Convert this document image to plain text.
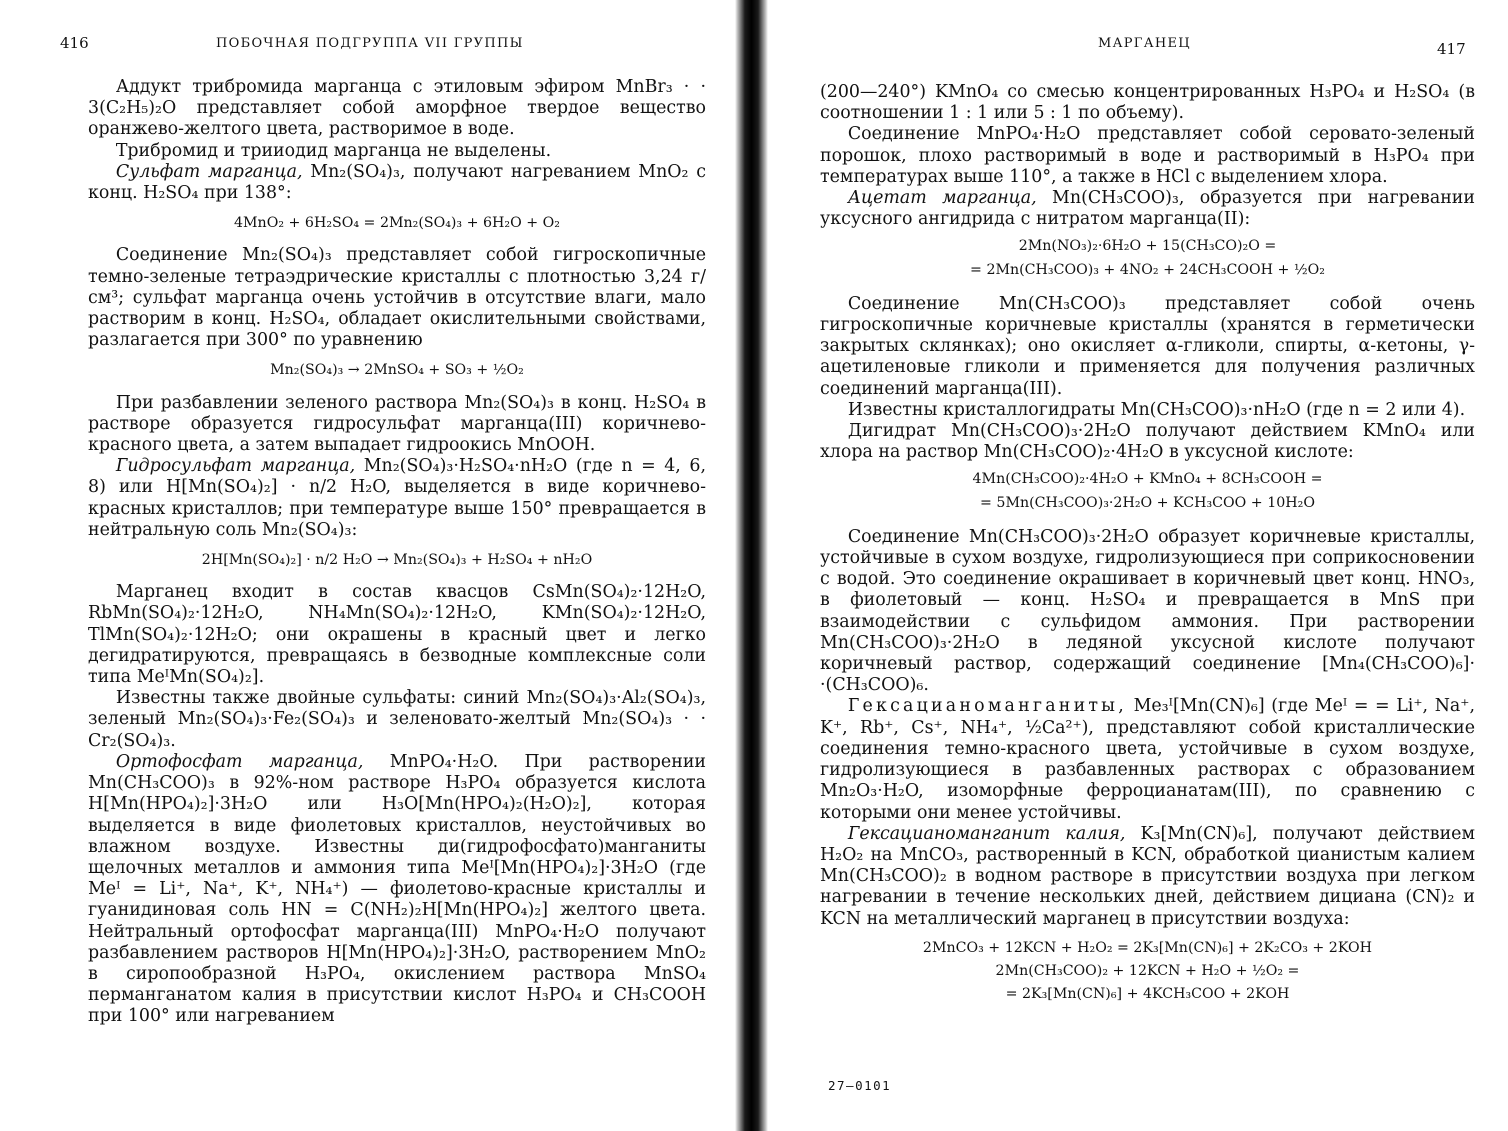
416	ПОБОЧНАЯ ПОДГРУППА VII ГРУППЫ

Аддукт трибромида марганца с этиловым эфиром MnBr₃ · · 3(C₂H₅)₂O представляет собой аморфное твердое вещество оранжево-желтого цвета, растворимое в воде.

Трибромид и трииодид марганца не выделены.

Сульфат марганца, Mn₂(SO₄)₃, получают нагреванием MnO₂ с конц. H₂SO₄ при 138°:

4MnO₂ + 6H₂SO₄ = 2Mn₂(SO₄)₃ + 6H₂O + O₂

Соединение Mn₂(SO₄)₃ представляет собой гигроскопичные темно-зеленые тетраэдрические кристаллы с плотностью 3,24 г/см³; сульфат марганца очень устойчив в отсутствие влаги, мало растворим в конц. H₂SO₄, обладает окислительными свойствами, разлагается при 300° по уравнению

Mn₂(SO₄)₃ → 2MnSO₄ + SO₃ + ½O₂

При разбавлении зеленого раствора Mn₂(SO₄)₃ в конц. H₂SO₄ в растворе образуется гидросульфат марганца(III) коричнево-красного цвета, а затем выпадает гидроокись MnOOH.

Гидросульфат марганца, Mn₂(SO₄)₃·H₂SO₄·nH₂O (где n = 4, 6, 8) или H[Mn(SO₄)₂] · n/2 H₂O, выделяется в виде коричнево-красных кристаллов; при температуре выше 150° превращается в нейтральную соль Mn₂(SO₄)₃:

2H[Mn(SO₄)₂] · n/2 H₂O → Mn₂(SO₄)₃ + H₂SO₄ + nH₂O

Марганец входит в состав квасцов CsMn(SO₄)₂·12H₂O, RbMn(SO₄)₂·12H₂O, NH₄Mn(SO₄)₂·12H₂O, KMn(SO₄)₂·12H₂O, TlMn(SO₄)₂·12H₂O; они окрашены в красный цвет и легко дегидратируются, превращаясь в безводные комплексные соли типа MeᴵMn(SO₄)₂].

Известны также двойные сульфаты: синий Mn₂(SO₄)₃·Al₂(SO₄)₃, зеленый Mn₂(SO₄)₃·Fe₂(SO₄)₃ и зеленовато-желтый Mn₂(SO₄)₃ · · Cr₂(SO₄)₃.

Ортофосфат марганца, MnPO₄·H₂O. При растворении Mn(CH₃COO)₃ в 92%-ном растворе H₃PO₄ образуется кислота H[Mn(HPO₄)₂]·3H₂O или H₃O[Mn(HPO₄)₂(H₂O)₂], которая выделяется в виде фиолетовых кристаллов, неустойчивых во влажном воздухе. Известны ди(гидрофосфато)манганиты щелочных металлов и аммония типа Meᴵ[Mn(HPO₄)₂]·3H₂O (где Meᴵ = Li⁺, Na⁺, K⁺, NH₄⁺) — фиолетово-красные кристаллы и гуанидиновая соль HN = C(NH₂)₂H[Mn(HPO₄)₂] желтого цвета. Нейтральный ортофосфат марганца(III) MnPO₄·H₂O получают разбавлением растворов H[Mn(HPO₄)₂]·3H₂O, растворением MnO₂ в сиропообразной H₃PO₄, окислением раствора MnSO₄ перманганатом калия в присутствии кислот H₃PO₄ и CH₃COOH при 100° или нагреванием

МАРГАНЕЦ	417

(200—240°) KMnO₄ со смесью концентрированных H₃PO₄ и H₂SO₄ (в соотношении 1 : 1 или 5 : 1 по объему).

Соединение MnPO₄·H₂O представляет собой серовато-зеленый порошок, плохо растворимый в воде и растворимый в H₃PO₄ при температурах выше 110°, а также в HCl с выделением хлора.

Ацетат марганца, Mn(CH₃COO)₃, образуется при нагревании уксусного ангидрида с нитратом марганца(II):

2Mn(NO₃)₂·6H₂O + 15(CH₃CO)₂O =
= 2Mn(CH₃COO)₃ + 4NO₂ + 24CH₃COOH + ½O₂

Соединение Mn(CH₃COO)₃ представляет собой очень гигроскопичные коричневые кристаллы (хранятся в герметически закрытых склянках); оно окисляет α-гликоли, спирты, α-кетоны, γ-ацетиленовые гликоли и применяется для получения различных соединений марганца(III).

Известны кристаллогидраты Mn(CH₃COO)₃·nH₂O (где n = 2 или 4).

Дигидрат Mn(CH₃COO)₃·2H₂O получают действием KMnO₄ или хлора на раствор Mn(CH₃COO)₂·4H₂O в уксусной кислоте:

4Mn(CH₃COO)₂·4H₂O + KMnO₄ + 8CH₃COOH =
= 5Mn(CH₃COO)₃·2H₂O + KCH₃COO + 10H₂O

Соединение Mn(CH₃COO)₃·2H₂O образует коричневые кристаллы, устойчивые в сухом воздухе, гидролизующиеся при соприкосновении с водой. Это соединение окрашивает в коричневый цвет конц. HNO₃, в фиолетовый — конц. H₂SO₄ и превращается в MnS при взаимодействии с сульфидом аммония. При растворении Mn(CH₃COO)₃·2H₂O в ледяной уксусной кислоте получают коричневый раствор, содержащий соединение [Mn₄(CH₃COO)₆]· ·(CH₃COO)₆.

Гексацианоманганиты, Me₃ᴵ[Mn(CN)₆] (где Meᴵ = = Li⁺, Na⁺, K⁺, Rb⁺, Cs⁺, NH₄⁺, ½Ca²⁺), представляют собой кристаллические соединения темно-красного цвета, устойчивые в сухом воздухе, гидролизующиеся в разбавленных растворах с образованием Mn₂O₃·H₂O, изоморфные ферроцианатам(III), по сравнению с которыми они менее устойчивы.

Гексацианоманганит калия, K₃[Mn(CN)₆], получают действием H₂O₂ на MnCO₃, растворенный в KCN, обработкой цианистым калием Mn(CH₃COO)₂ в водном растворе в присутствии воздуха при легком нагревании в течение нескольких дней, действием дициана (CN)₂ и KCN на металлический марганец в присутствии воздуха:

2MnCO₃ + 12KCN + H₂O₂ = 2K₃[Mn(CN)₆] + 2K₂CO₃ + 2KOH
2Mn(CH₃COO)₂ + 12KCN + H₂O + ½O₂ =
= 2K₃[Mn(CN)₆] + 4KCH₃COO + 2KOH
27—0101
